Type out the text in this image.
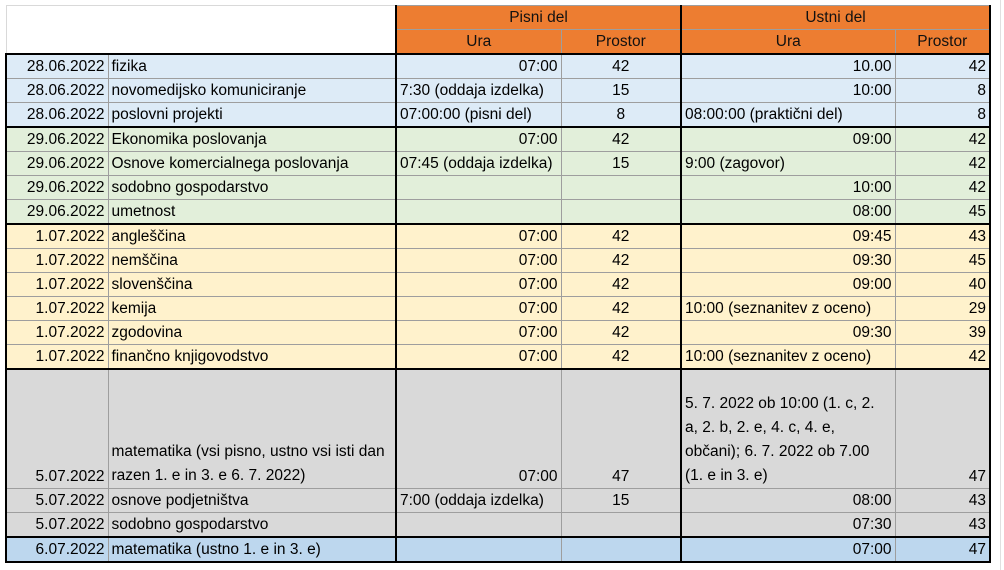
		Pisni del		Ustni del	
		Ura	Prostor	Ura	Prostor
28.06.2022	fizika	07:00	42	10.00	42
28.06.2022	novomedijsko komuniciranje	7:30 (oddaja izdelka)	15	10:00	8
28.06.2022	poslovni projekti	07:00:00 (pisni del)	8	08:00:00 (praktični del)	8
29.06.2022	Ekonomika poslovanja	07:00	42	09:00	42
29.06.2022	Osnove komercialnega poslovanja	07:45 (oddaja izdelka)	15	9:00 (zagovor)	42
29.06.2022	sodobno gospodarstvo			10:00	42
29.06.2022	umetnost			08:00	45
1.07.2022	angleščina	07:00	42	09:45	43
1.07.2022	nemščina	07:00	42	09:30	45
1.07.2022	slovenščina	07:00	42	09:00	40
1.07.2022	kemija	07:00	42	10:00 (seznanitev z oceno)	29
1.07.2022	zgodovina	07:00	42	09:30	39
1.07.2022	finančno knjigovodstvo	07:00	42	10:00 (seznanitev z oceno)	42
5.07.2022	matematika (vsi pisno, ustno vsi isti dan razen 1. e in 3. e 6. 7. 2022)	07:00	47	5. 7. 2022 ob 10:00 (1. c, 2. a, 2. b, 2. e, 4. c, 4. e, občani); 6. 7. 2022 ob 7.00 (1. e in 3. e)	47
5.07.2022	osnove podjetništva	7:00 (oddaja izdelka)	15	08:00	43
5.07.2022	sodobno gospodarstvo			07:30	43
6.07.2022	matematika (ustno 1. e in 3. e)			07:00	47
